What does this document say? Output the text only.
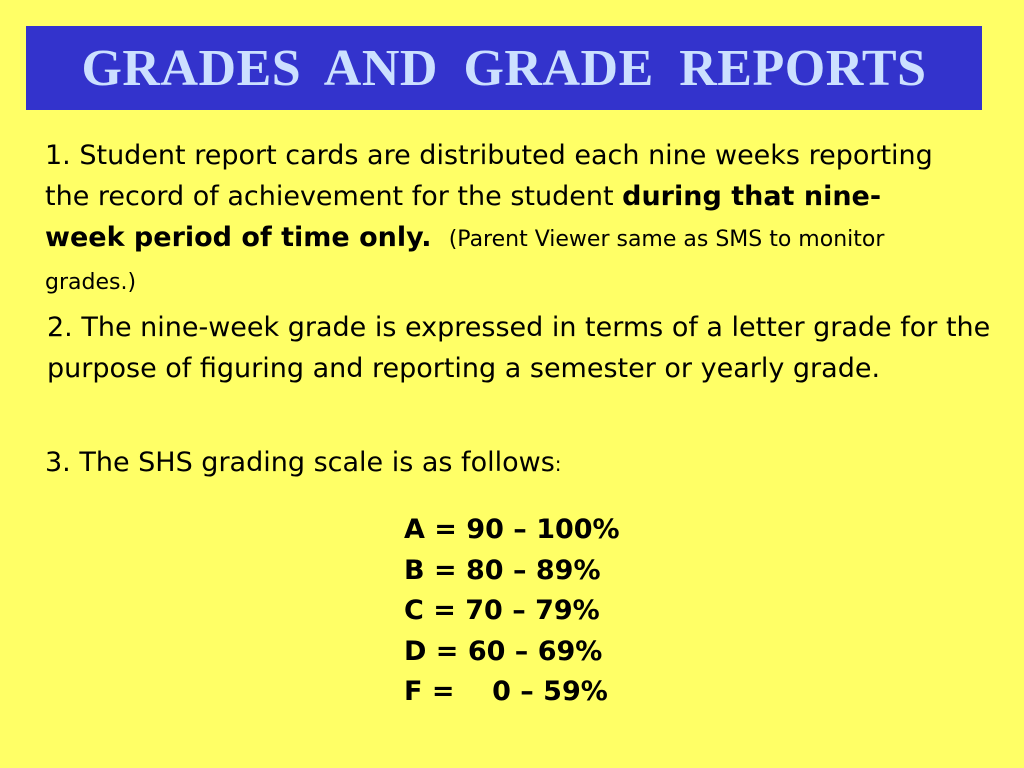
GRADES AND GRADE REPORTS

1. Student report cards are distributed each nine weeks reporting the record of achievement for the student during that nine-week period of time only. (Parent Viewer same as SMS to monitor grades.)

2. The nine-week grade is expressed in terms of a letter grade for the purpose of figuring and reporting a semester or yearly grade.

3. The SHS grading scale is as follows:

A = 90 – 100%
B = 80 – 89%
C = 70 – 79%
D = 60 – 69%
F =    0 – 59%
